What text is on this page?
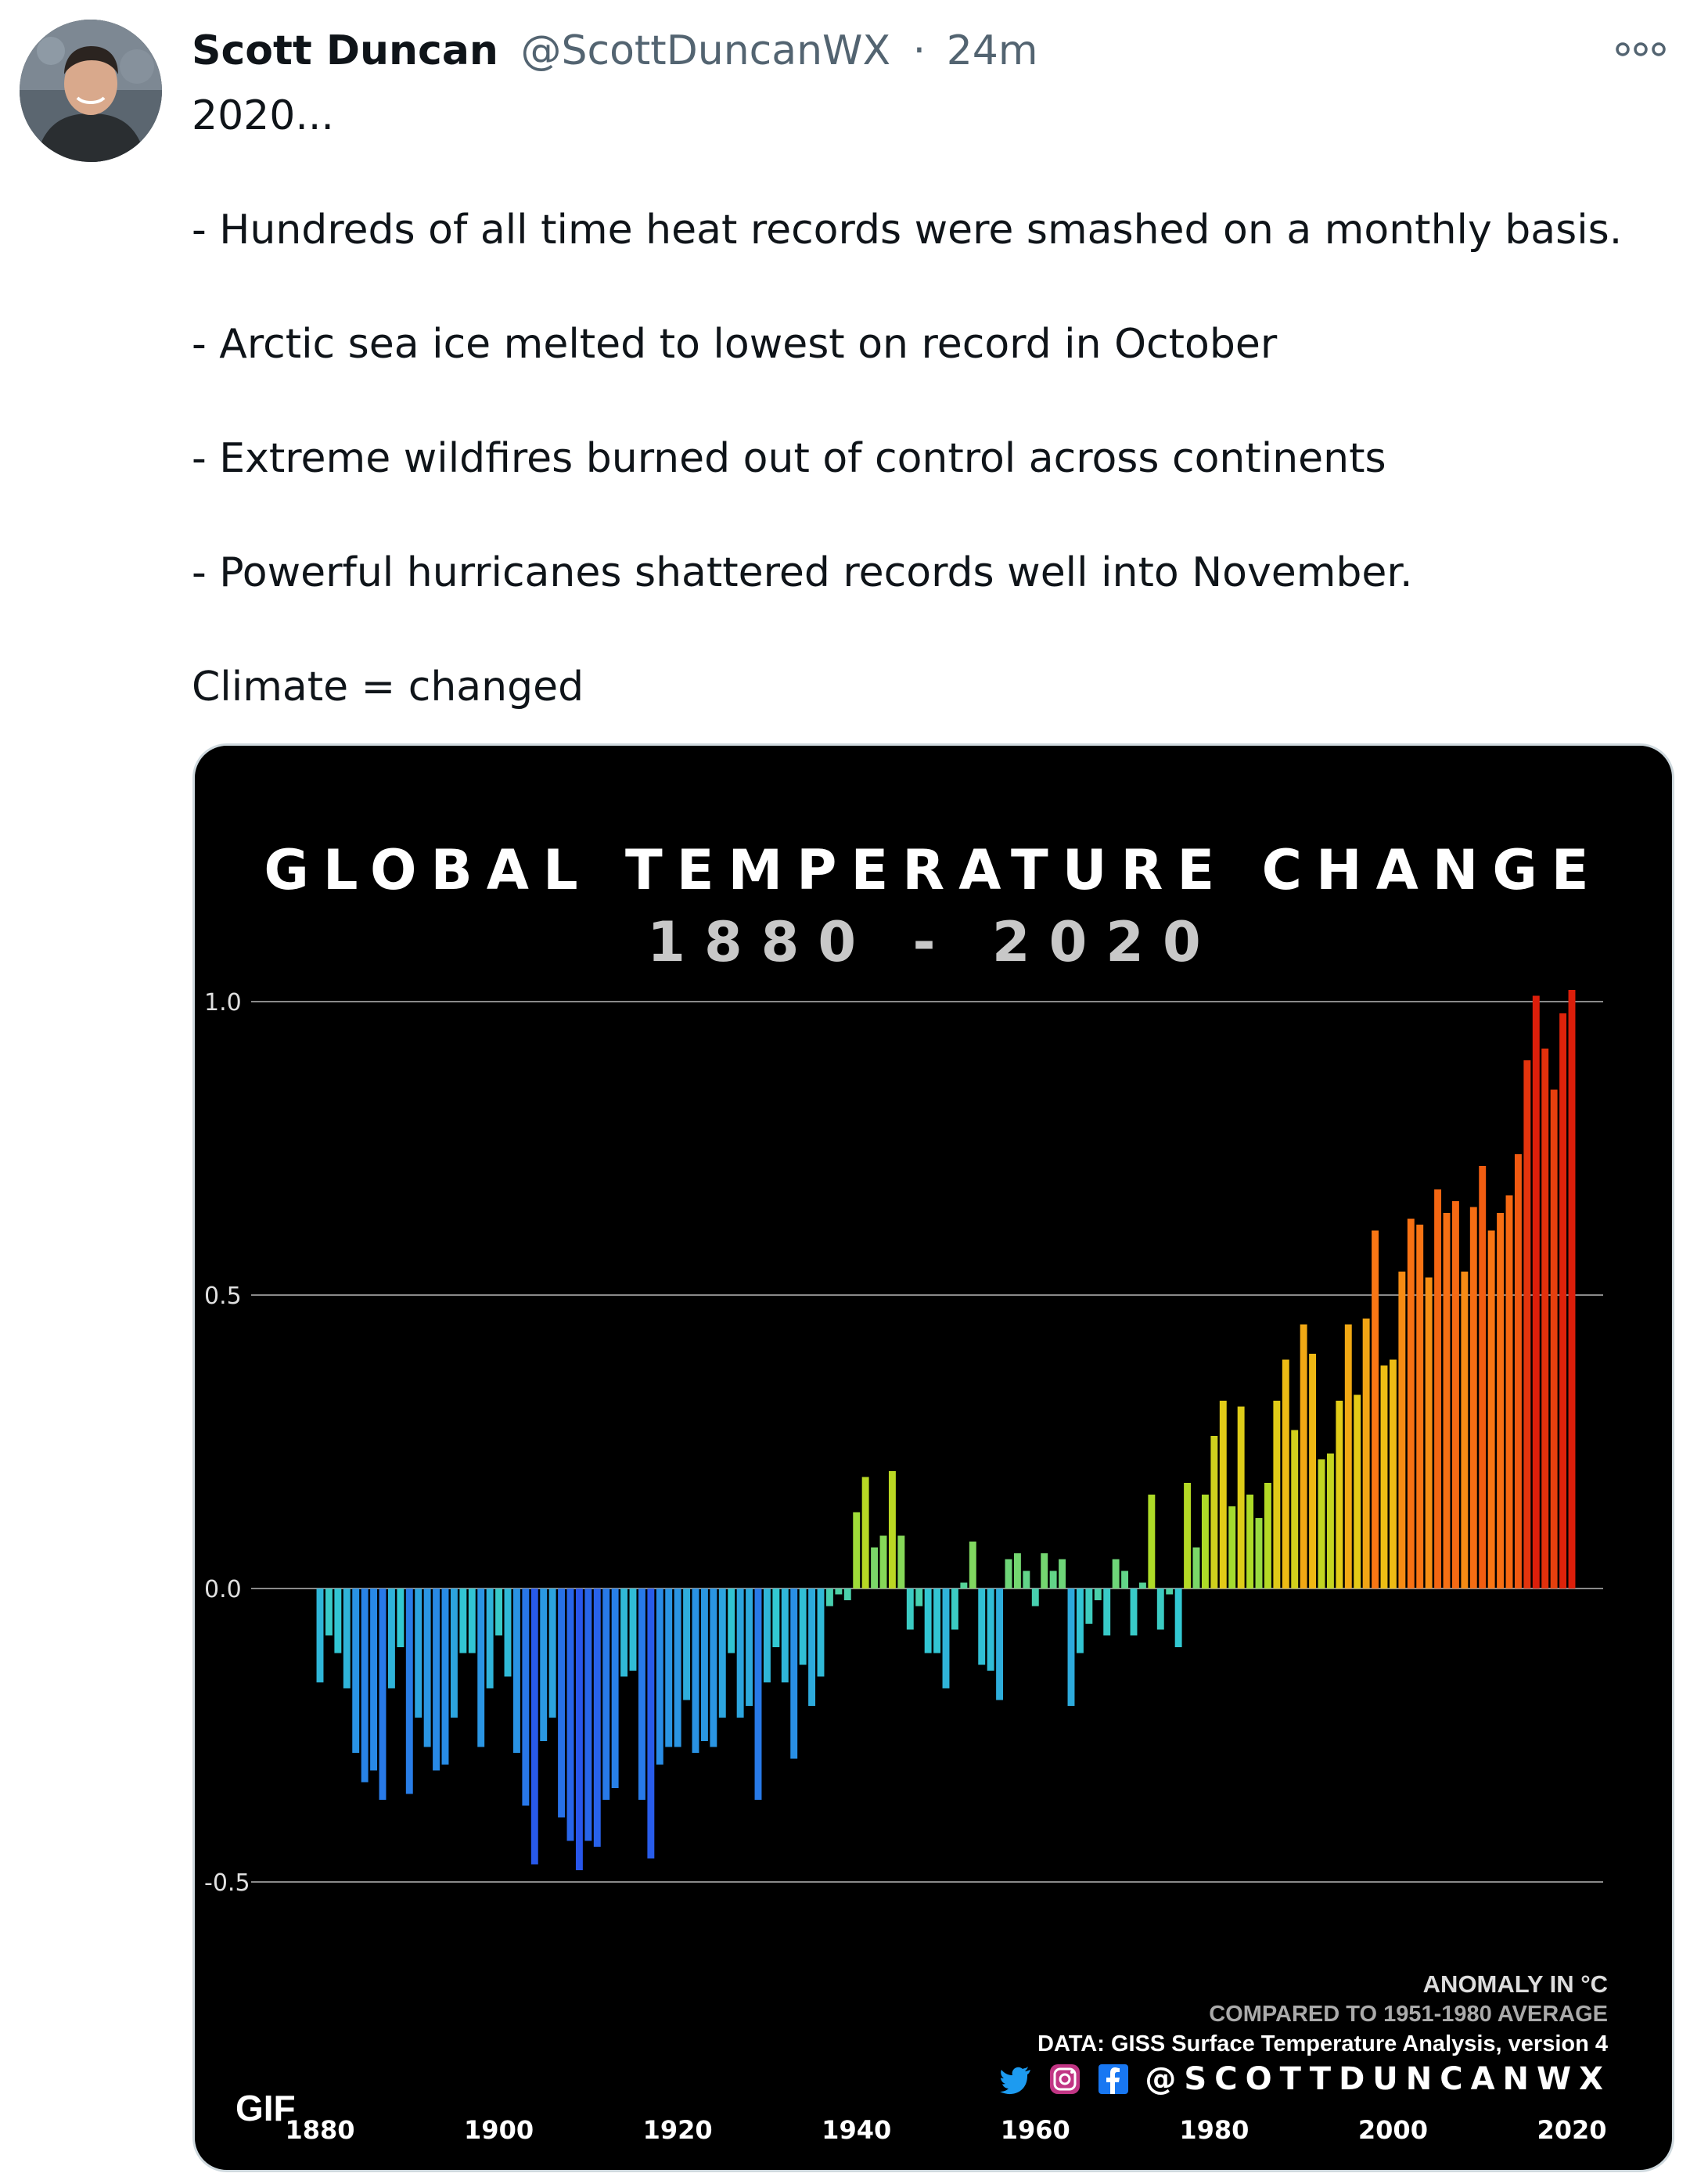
Scott Duncan @ScottDuncanWX · 24m

2020...

- Hundreds of all time heat records were smashed on a monthly basis.

- Arctic sea ice melted to lowest on record in October

- Extreme wildfires burned out of control across continents

- Powerful hurricanes shattered records well into November.

Climate = changed

GLOBAL TEMPERATURE CHANGE
1880 - 2020
1.0
0.5
0.0
-0.5
1880	1900	1920	1940	1960	1980	2000	2020
ANOMALY IN °C
COMPARED TO 1951-1980 AVERAGE
DATA: GISS Surface Temperature Analysis, version 4
@SCOTTDUNCANWX
GIF
